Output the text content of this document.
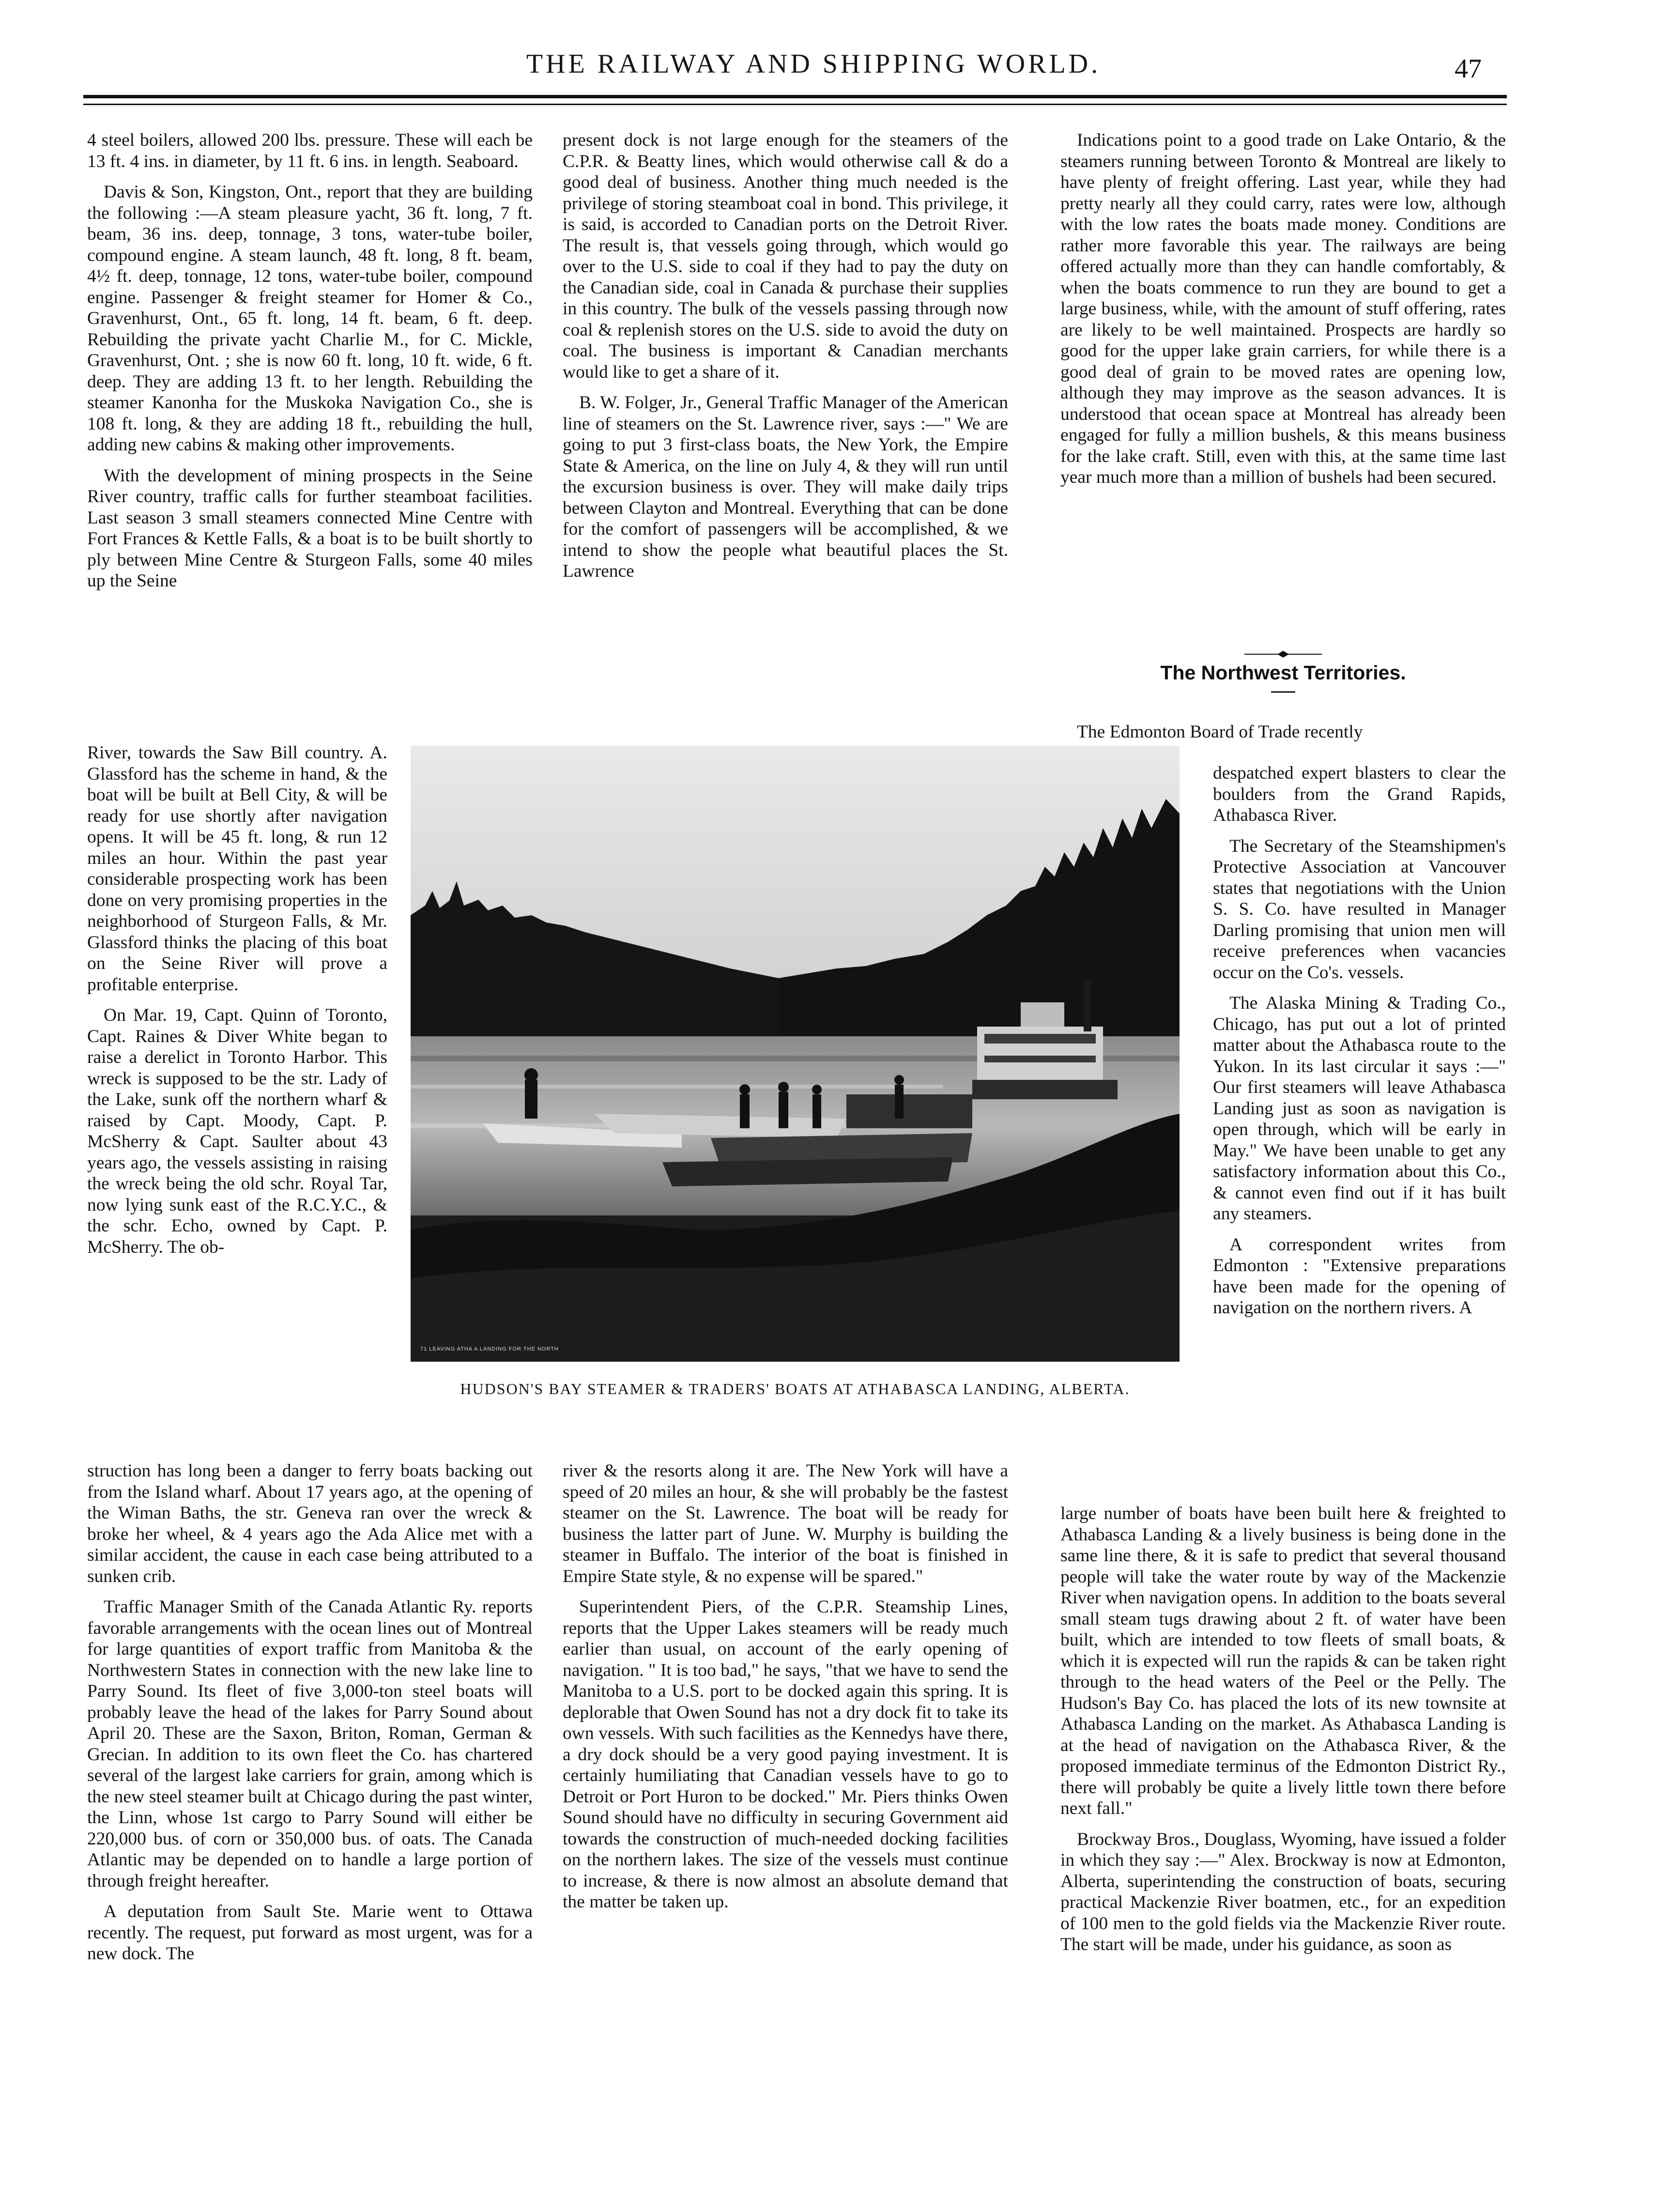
THE RAILWAY AND SHIPPING WORLD.	47

4 steel boilers, allowed 200 lbs. pressure. These will each be 13 ft. 4 ins. in diameter, by 11 ft. 6 ins. in length. Seaboard.

Davis & Son, Kingston, Ont., report that they are building the following :—A steam pleasure yacht, 36 ft. long, 7 ft. beam, 36 ins. deep, tonnage, 3 tons, water-tube boiler, compound engine. A steam launch, 48 ft. long, 8 ft. beam, 4½ ft. deep, tonnage, 12 tons, water-tube boiler, compound engine. Passenger & freight steamer for Homer & Co., Gravenhurst, Ont., 65 ft. long, 14 ft. beam, 6 ft. deep. Rebuilding the private yacht Charlie M., for C. Mickle, Gravenhurst, Ont. ; she is now 60 ft. long, 10 ft. wide, 6 ft. deep. They are adding 13 ft. to her length. Rebuilding the steamer Kanonha for the Muskoka Navigation Co., she is 108 ft. long, & they are adding 18 ft., rebuilding the hull, adding new cabins & making other improvements.

With the development of mining prospects in the Seine River country, traffic calls for further steamboat facilities. Last season 3 small steamers connected Mine Centre with Fort Frances & Kettle Falls, & a boat is to be built shortly to ply between Mine Centre & Sturgeon Falls, some 40 miles up the Seine

River, towards the Saw Bill country. A. Glassford has the scheme in hand, & the boat will be built at Bell City, & will be ready for use shortly after navigation opens. It will be 45 ft. long, & run 12 miles an hour. Within the past year considerable prospecting work has been done on very promising properties in the neighborhood of Sturgeon Falls, & Mr. Glassford thinks the placing of this boat on the Seine River will prove a profitable enterprise.

On Mar. 19, Capt. Quinn of Toronto, Capt. Raines & Diver White began to raise a derelict in Toronto Harbor. This wreck is supposed to be the str. Lady of the Lake, sunk off the northern wharf & raised by Capt. Moody, Capt. P. McSherry & Capt. Saulter about 43 years ago, the vessels assisting in raising the wreck being the old schr. Royal Tar, now lying sunk east of the R.C.Y.C., & the schr. Echo, owned by Capt. P. McSherry. The ob-

struction has long been a danger to ferry boats backing out from the Island wharf. About 17 years ago, at the opening of the Wiman Baths, the str. Geneva ran over the wreck & broke her wheel, & 4 years ago the Ada Alice met with a similar accident, the cause in each case being attributed to a sunken crib.

Traffic Manager Smith of the Canada Atlantic Ry. reports favorable arrangements with the ocean lines out of Montreal for large quantities of export traffic from Manitoba & the Northwestern States in connection with the new lake line to Parry Sound. Its fleet of five 3,000-ton steel boats will probably leave the head of the lakes for Parry Sound about April 20. These are the Saxon, Briton, Roman, German & Grecian. In addition to its own fleet the Co. has chartered several of the largest lake carriers for grain, among which is the new steel steamer built at Chicago during the past winter, the Linn, whose 1st cargo to Parry Sound will either be 220,000 bus. of corn or 350,000 bus. of oats. The Canada Atlantic may be depended on to handle a large portion of through freight hereafter.

A deputation from Sault Ste. Marie went to Ottawa recently. The request, put forward as most urgent, was for a new dock. The

present dock is not large enough for the steamers of the C.P.R. & Beatty lines, which would otherwise call & do a good deal of business. Another thing much needed is the privilege of storing steamboat coal in bond. This privilege, it is said, is accorded to Canadian ports on the Detroit River. The result is, that vessels going through, which would go over to the U.S. side to coal if they had to pay the duty on the Canadian side, coal in Canada & purchase their supplies in this country. The bulk of the vessels passing through now coal & replenish stores on the U.S. side to avoid the duty on coal. The business is important & Canadian merchants would like to get a share of it.

B. W. Folger, Jr., General Traffic Manager of the American line of steamers on the St. Lawrence river, says :—" We are going to put 3 first-class boats, the New York, the Empire State & America, on the line on July 4, & they will run until the excursion business is over. They will make daily trips between Clayton and Montreal. Everything that can be done for the comfort of passengers will be accomplished, & we intend to show the people what beautiful places the St. Lawrence

river & the resorts along it are. The New York will have a speed of 20 miles an hour, & she will probably be the fastest steamer on the St. Lawrence. The boat will be ready for business the latter part of June. W. Murphy is building the steamer in Buffalo. The interior of the boat is finished in Empire State style, & no expense will be spared."

Superintendent Piers, of the C.P.R. Steamship Lines, reports that the Upper Lakes steamers will be ready much earlier than usual, on account of the early opening of navigation. " It is too bad," he says, "that we have to send the Manitoba to a U.S. port to be docked again this spring. It is deplorable that Owen Sound has not a dry dock fit to take its own vessels. With such facilities as the Kennedys have there, a dry dock should be a very good paying investment. It is certainly humiliating that Canadian vessels have to go to Detroit or Port Huron to be docked." Mr. Piers thinks Owen Sound should have no difficulty in securing Government aid towards the construction of much-needed docking facilities on the northern lakes. The size of the vessels must continue to increase, & there is now almost an absolute demand that the matter be taken up.

Indications point to a good trade on Lake Ontario, & the steamers running between Toronto & Montreal are likely to have plenty of freight offering. Last year, while they had pretty nearly all they could carry, rates were low, although with the low rates the boats made money. Conditions are rather more favorable this year. The railways are being offered actually more than they can handle comfortably, & when the boats commence to run they are bound to get a large business, while, with the amount of stuff offering, rates are likely to be well maintained. Prospects are hardly so good for the upper lake grain carriers, for while there is a good deal of grain to be moved rates are opening low, although they may improve as the season advances. It is understood that ocean space at Montreal has already been engaged for fully a million bushels, & this means business for the lake craft. Still, even with this, at the same time last year much more than a million of bushels had been secured.

The Northwest Territories.

The Edmonton Board of Trade recently

despatched expert blasters to clear the boulders from the Grand Rapids, Athabasca River.

The Secretary of the Steamshipmen's Protective Association at Vancouver states that negotiations with the Union S. S. Co. have resulted in Manager Darling promising that union men will receive preferences when vacancies occur on the Co's. vessels.

The Alaska Mining & Trading Co., Chicago, has put out a lot of printed matter about the Athabasca route to the Yukon. In its last circular it says :—" Our first steamers will leave Athabasca Landing just as soon as navigation is open through, which will be early in May." We have been unable to get any satisfactory information about this Co., & cannot even find out if it has built any steamers.

A correspondent writes from Edmonton : "Extensive preparations have been made for the opening of navigation on the northern rivers. A

large number of boats have been built here & freighted to Athabasca Landing & a lively business is being done in the same line there, & it is safe to predict that several thousand people will take the water route by way of the Mackenzie River when navigation opens. In addition to the boats several small steam tugs drawing about 2 ft. of water have been built, which are intended to tow fleets of small boats, & which it is expected will run the rapids & can be taken right through to the head waters of the Peel or the Pelly. The Hudson's Bay Co. has placed the lots of its new townsite at Athabasca Landing on the market. As Athabasca Landing is at the head of navigation on the Athabasca River, & the proposed immediate terminus of the Edmonton District Ry., there will probably be quite a lively little town there before next fall."

Brockway Bros., Douglass, Wyoming, have issued a folder in which they say :—" Alex. Brockway is now at Edmonton, Alberta, superintending the construction of boats, securing practical Mackenzie River boatmen, etc., for an expedition of 100 men to the gold fields via the Mackenzie River route. The start will be made, under his guidance, as soon as

71 LEAVING ATHA A LANDING FOR THE NORTH
HUDSON'S BAY STEAMER & TRADERS' BOATS AT ATHABASCA LANDING, ALBERTA.
